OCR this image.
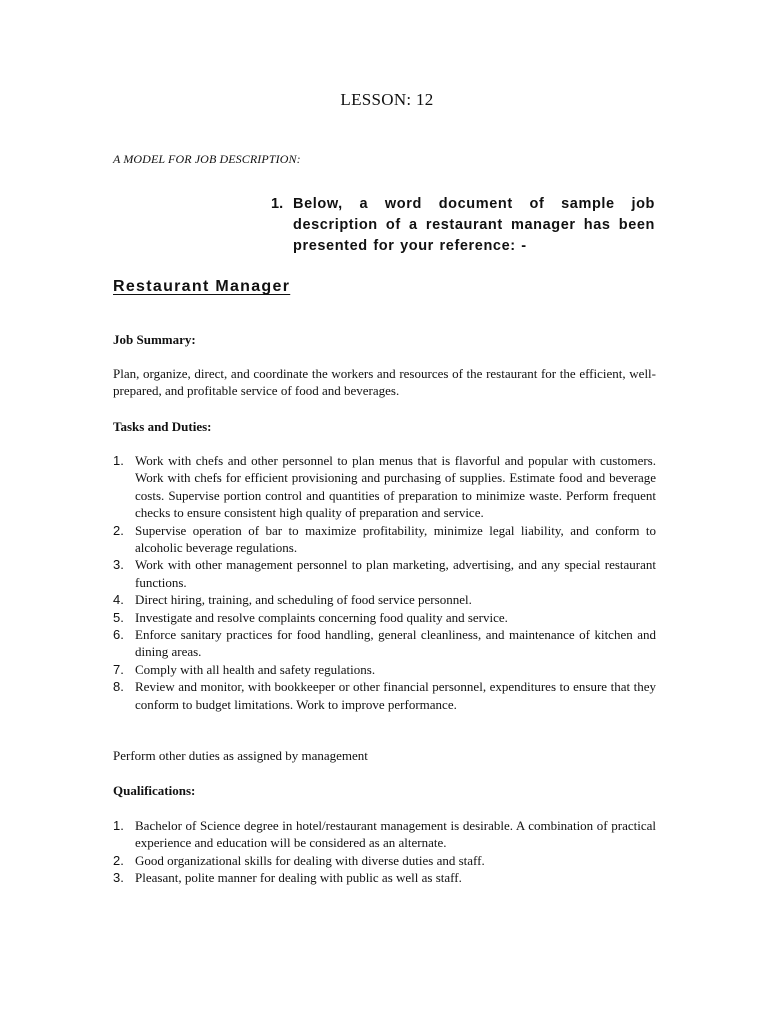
LESSON: 12
A MODEL FOR JOB DESCRIPTION:
1. Below, a word document of sample job description of a restaurant manager has been presented for your reference: -
Restaurant Manager
Job Summary:
Plan, organize, direct, and coordinate the workers and resources of the restaurant for the efficient, well-prepared, and profitable service of food and beverages.
Tasks and Duties:
1. Work with chefs and other personnel to plan menus that is flavorful and popular with customers. Work with chefs for efficient provisioning and purchasing of supplies. Estimate food and beverage costs. Supervise portion control and quantities of preparation to minimize waste. Perform frequent checks to ensure consistent high quality of preparation and service.
2. Supervise operation of bar to maximize profitability, minimize legal liability, and conform to alcoholic beverage regulations.
3. Work with other management personnel to plan marketing, advertising, and any special restaurant functions.
4. Direct hiring, training, and scheduling of food service personnel.
5. Investigate and resolve complaints concerning food quality and service.
6. Enforce sanitary practices for food handling, general cleanliness, and maintenance of kitchen and dining areas.
7. Comply with all health and safety regulations.
8. Review and monitor, with bookkeeper or other financial personnel, expenditures to ensure that they conform to budget limitations. Work to improve performance.
Perform other duties as assigned by management
Qualifications:
1. Bachelor of Science degree in hotel/restaurant management is desirable. A combination of practical experience and education will be considered as an alternate.
2. Good organizational skills for dealing with diverse duties and staff.
3. Pleasant, polite manner for dealing with public as well as staff.
